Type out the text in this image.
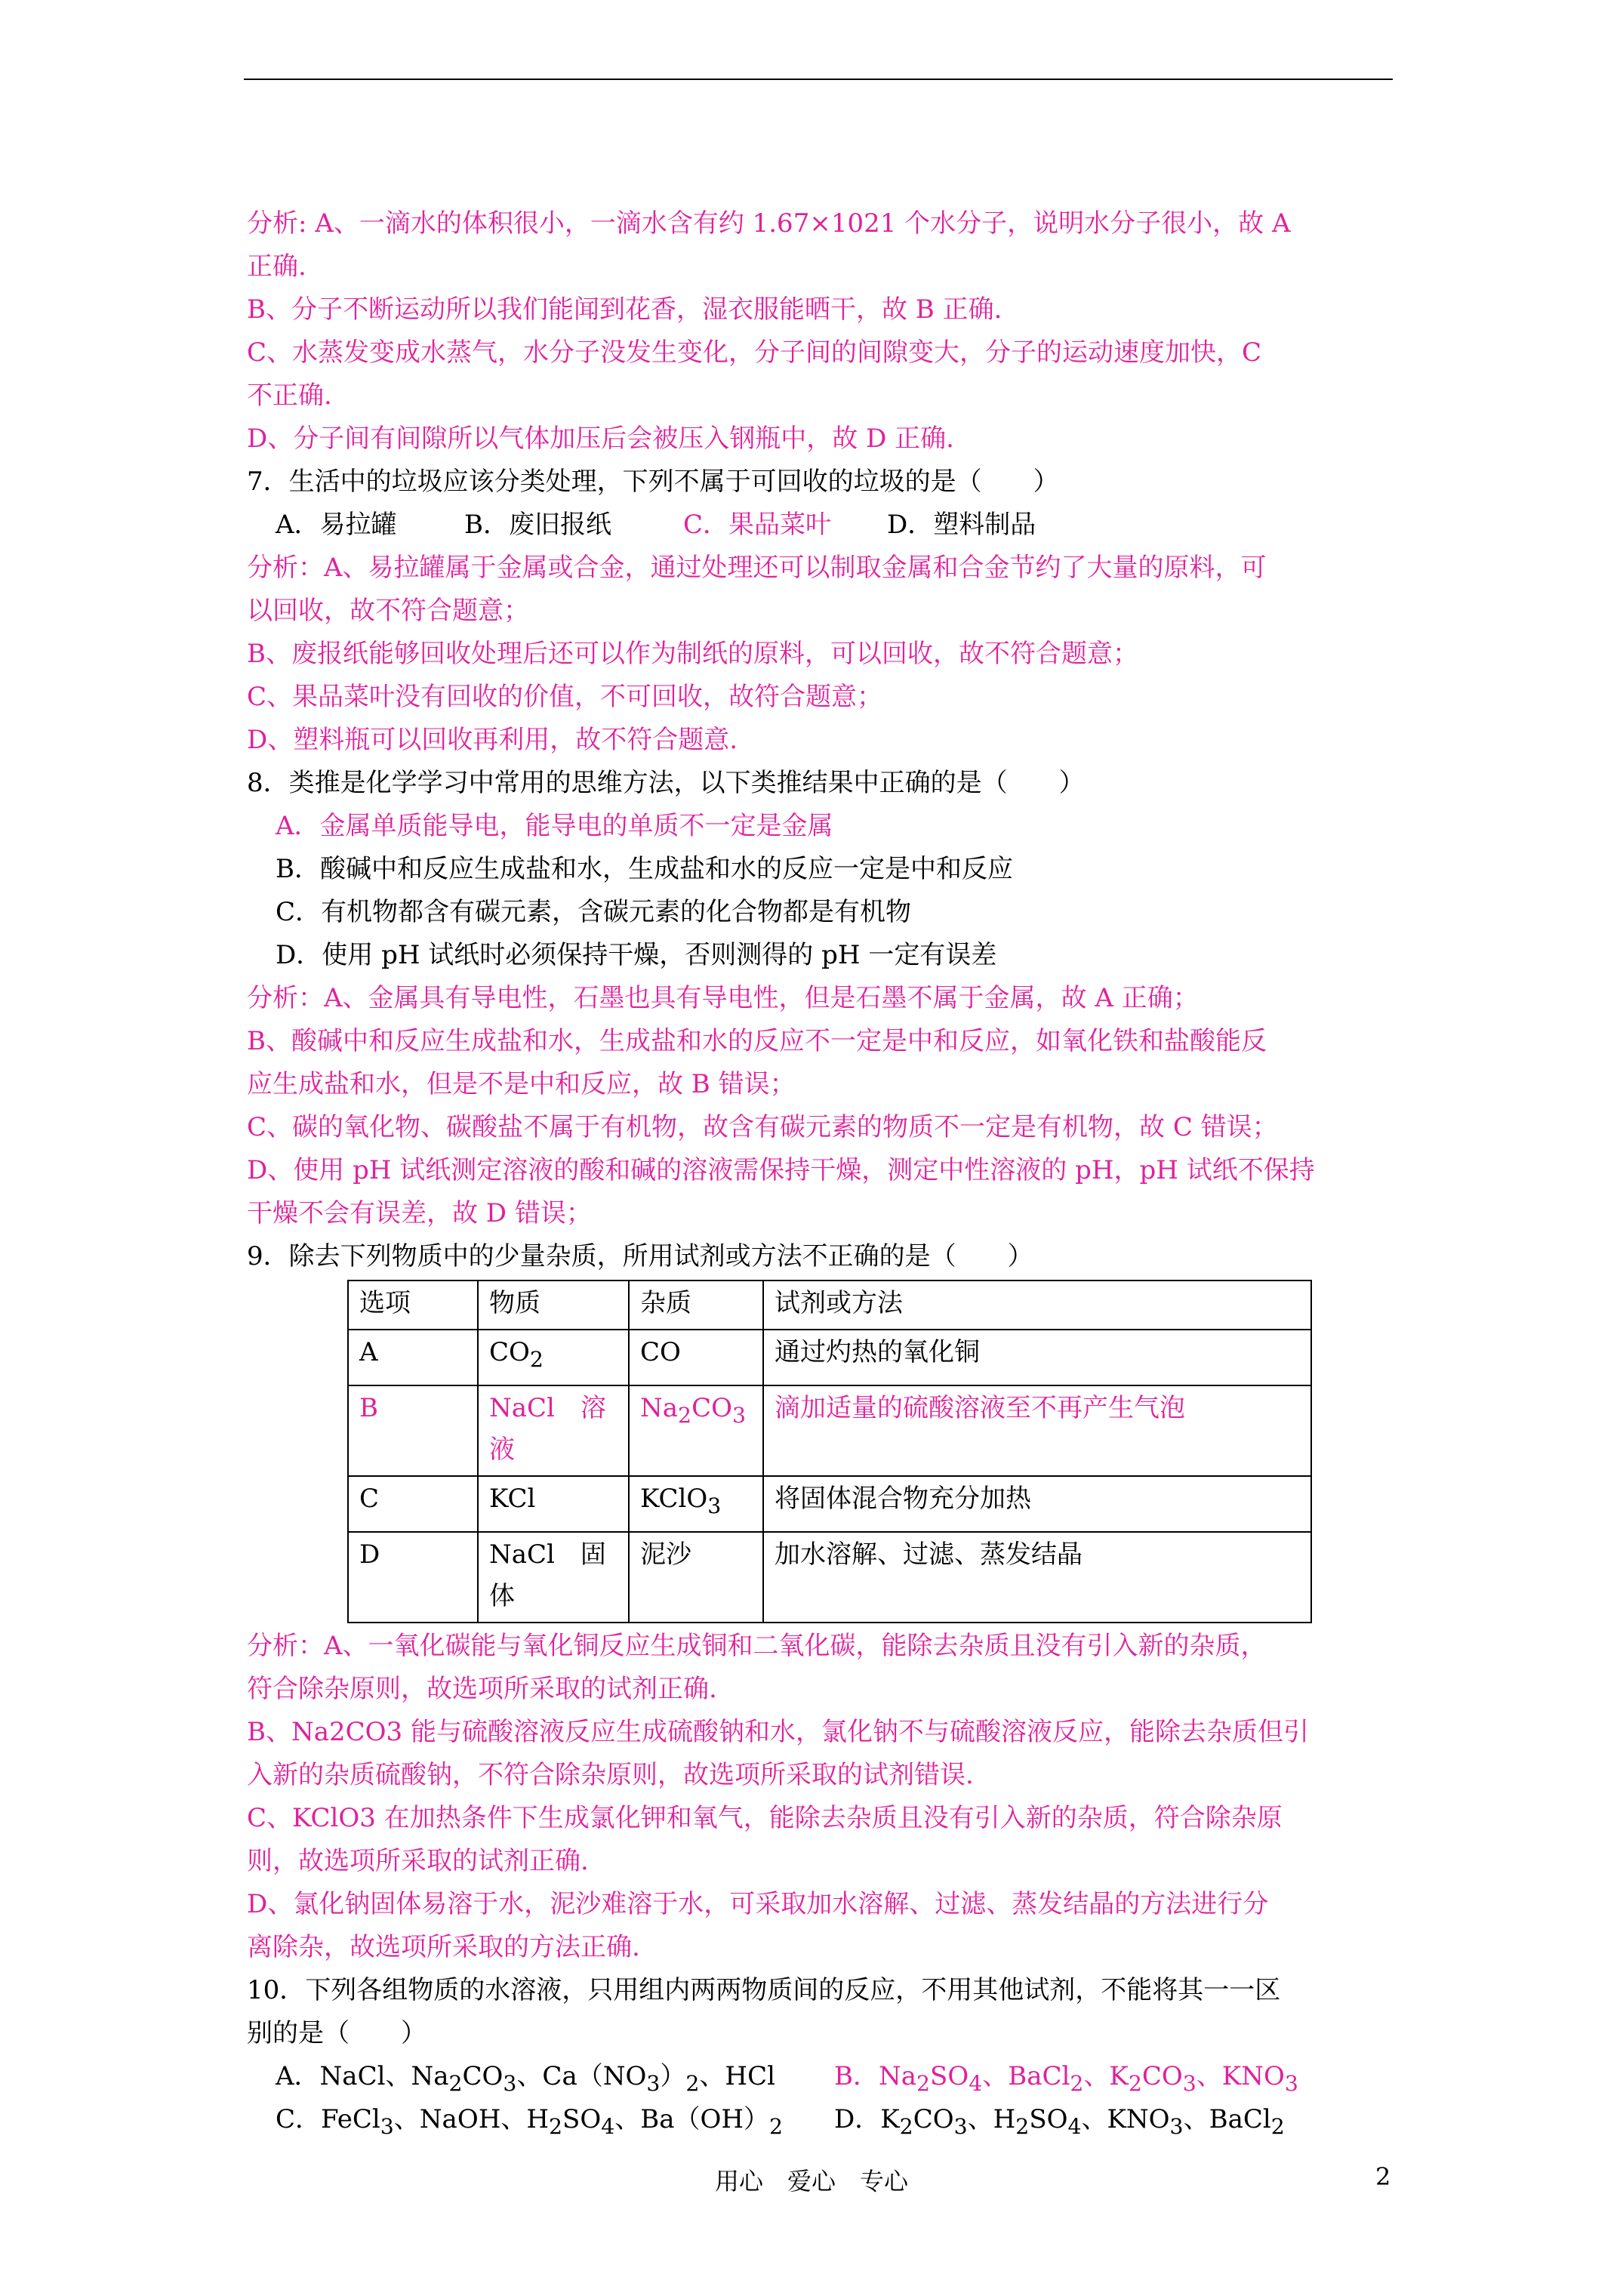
分析: A、一滴水的体积很小，一滴水含有约 1.67×1021 个水分子，说明水分子很小，故 A
正确.
B、分子不断运动所以我们能闻到花香，湿衣服能晒干，故 B 正确.
C、水蒸发变成水蒸气，水分子没发生变化，分子间的间隙变大，分子的运动速度加快，C
不正确.
D、分子间有间隙所以气体加压后会被压入钢瓶中，故 D 正确.
7．生活中的垃圾应该分类处理，下列不属于可回收的垃圾的是（　　）
A．易拉罐	B．废旧报纸	C．果品菜叶	D．塑料制品
分析：A、易拉罐属于金属或合金，通过处理还可以制取金属和合金节约了大量的原料，可
以回收，故不符合题意；
B、废报纸能够回收处理后还可以作为制纸的原料，可以回收，故不符合题意；
C、果品菜叶没有回收的价值，不可回收，故符合题意；
D、塑料瓶可以回收再利用，故不符合题意.
8．类推是化学学习中常用的思维方法，以下类推结果中正确的是（　　）
A．金属单质能导电，能导电的单质不一定是金属
B．酸碱中和反应生成盐和水，生成盐和水的反应一定是中和反应
C．有机物都含有碳元素，含碳元素的化合物都是有机物
D．使用 pH 试纸时必须保持干燥，否则测得的 pH 一定有误差
分析：A、金属具有导电性，石墨也具有导电性，但是石墨不属于金属，故 A 正确；
B、酸碱中和反应生成盐和水，生成盐和水的反应不一定是中和反应，如氧化铁和盐酸能反
应生成盐和水，但是不是中和反应，故 B 错误；
C、碳的氧化物、碳酸盐不属于有机物，故含有碳元素的物质不一定是有机物，故 C 错误；
D、使用 pH 试纸测定溶液的酸和碱的溶液需保持干燥，测定中性溶液的 pH，pH 试纸不保持
干燥不会有误差，故 D 错误；
9．除去下列物质中的少量杂质，所用试剂或方法不正确的是（　　）
选项	物质	杂质	试剂或方法
A	$CO_2$	CO	通过灼热的氧化铜
B	NaCl　溶液	$Na_2CO_3$	滴加适量的硫酸溶液至不再产生气泡
C	KCl	KClO$_3$	将固体混合物充分加热
D	NaCl　固体	泥沙	加水溶解、过滤、蒸发结晶
分析：A、一氧化碳能与氧化铜反应生成铜和二氧化碳，能除去杂质且没有引入新的杂质，
符合除杂原则，故选项所采取的试剂正确.
B、Na2CO3 能与硫酸溶液反应生成硫酸钠和水，氯化钠不与硫酸溶液反应，能除去杂质但引
入新的杂质硫酸钠，不符合除杂原则，故选项所采取的试剂错误.
C、KClO3 在加热条件下生成氯化钾和氧气，能除去杂质且没有引入新的杂质，符合除杂原
则，故选项所采取的试剂正确.
D、氯化钠固体易溶于水，泥沙难溶于水，可采取加水溶解、过滤、蒸发结晶的方法进行分
离除杂，故选项所采取的方法正确.
10．下列各组物质的水溶液，只用组内两两物质间的反应，不用其他试剂，不能将其一一区
别的是（　　）
A．NaCl、$Na_2CO_3$、$Ca(NO_3)_2$、HCl	B．$Na_2SO_4$、BaCl$_2$、$K_2CO_3$、$KNO_3$
C．FeCl$_3$、NaOH、$H_2SO_4$、$Ba(OH)_2$	D．$K_2CO_3$、$H_2SO_4$、$KNO_3$、BaCl$_2$
用心　爱心　专心	2
